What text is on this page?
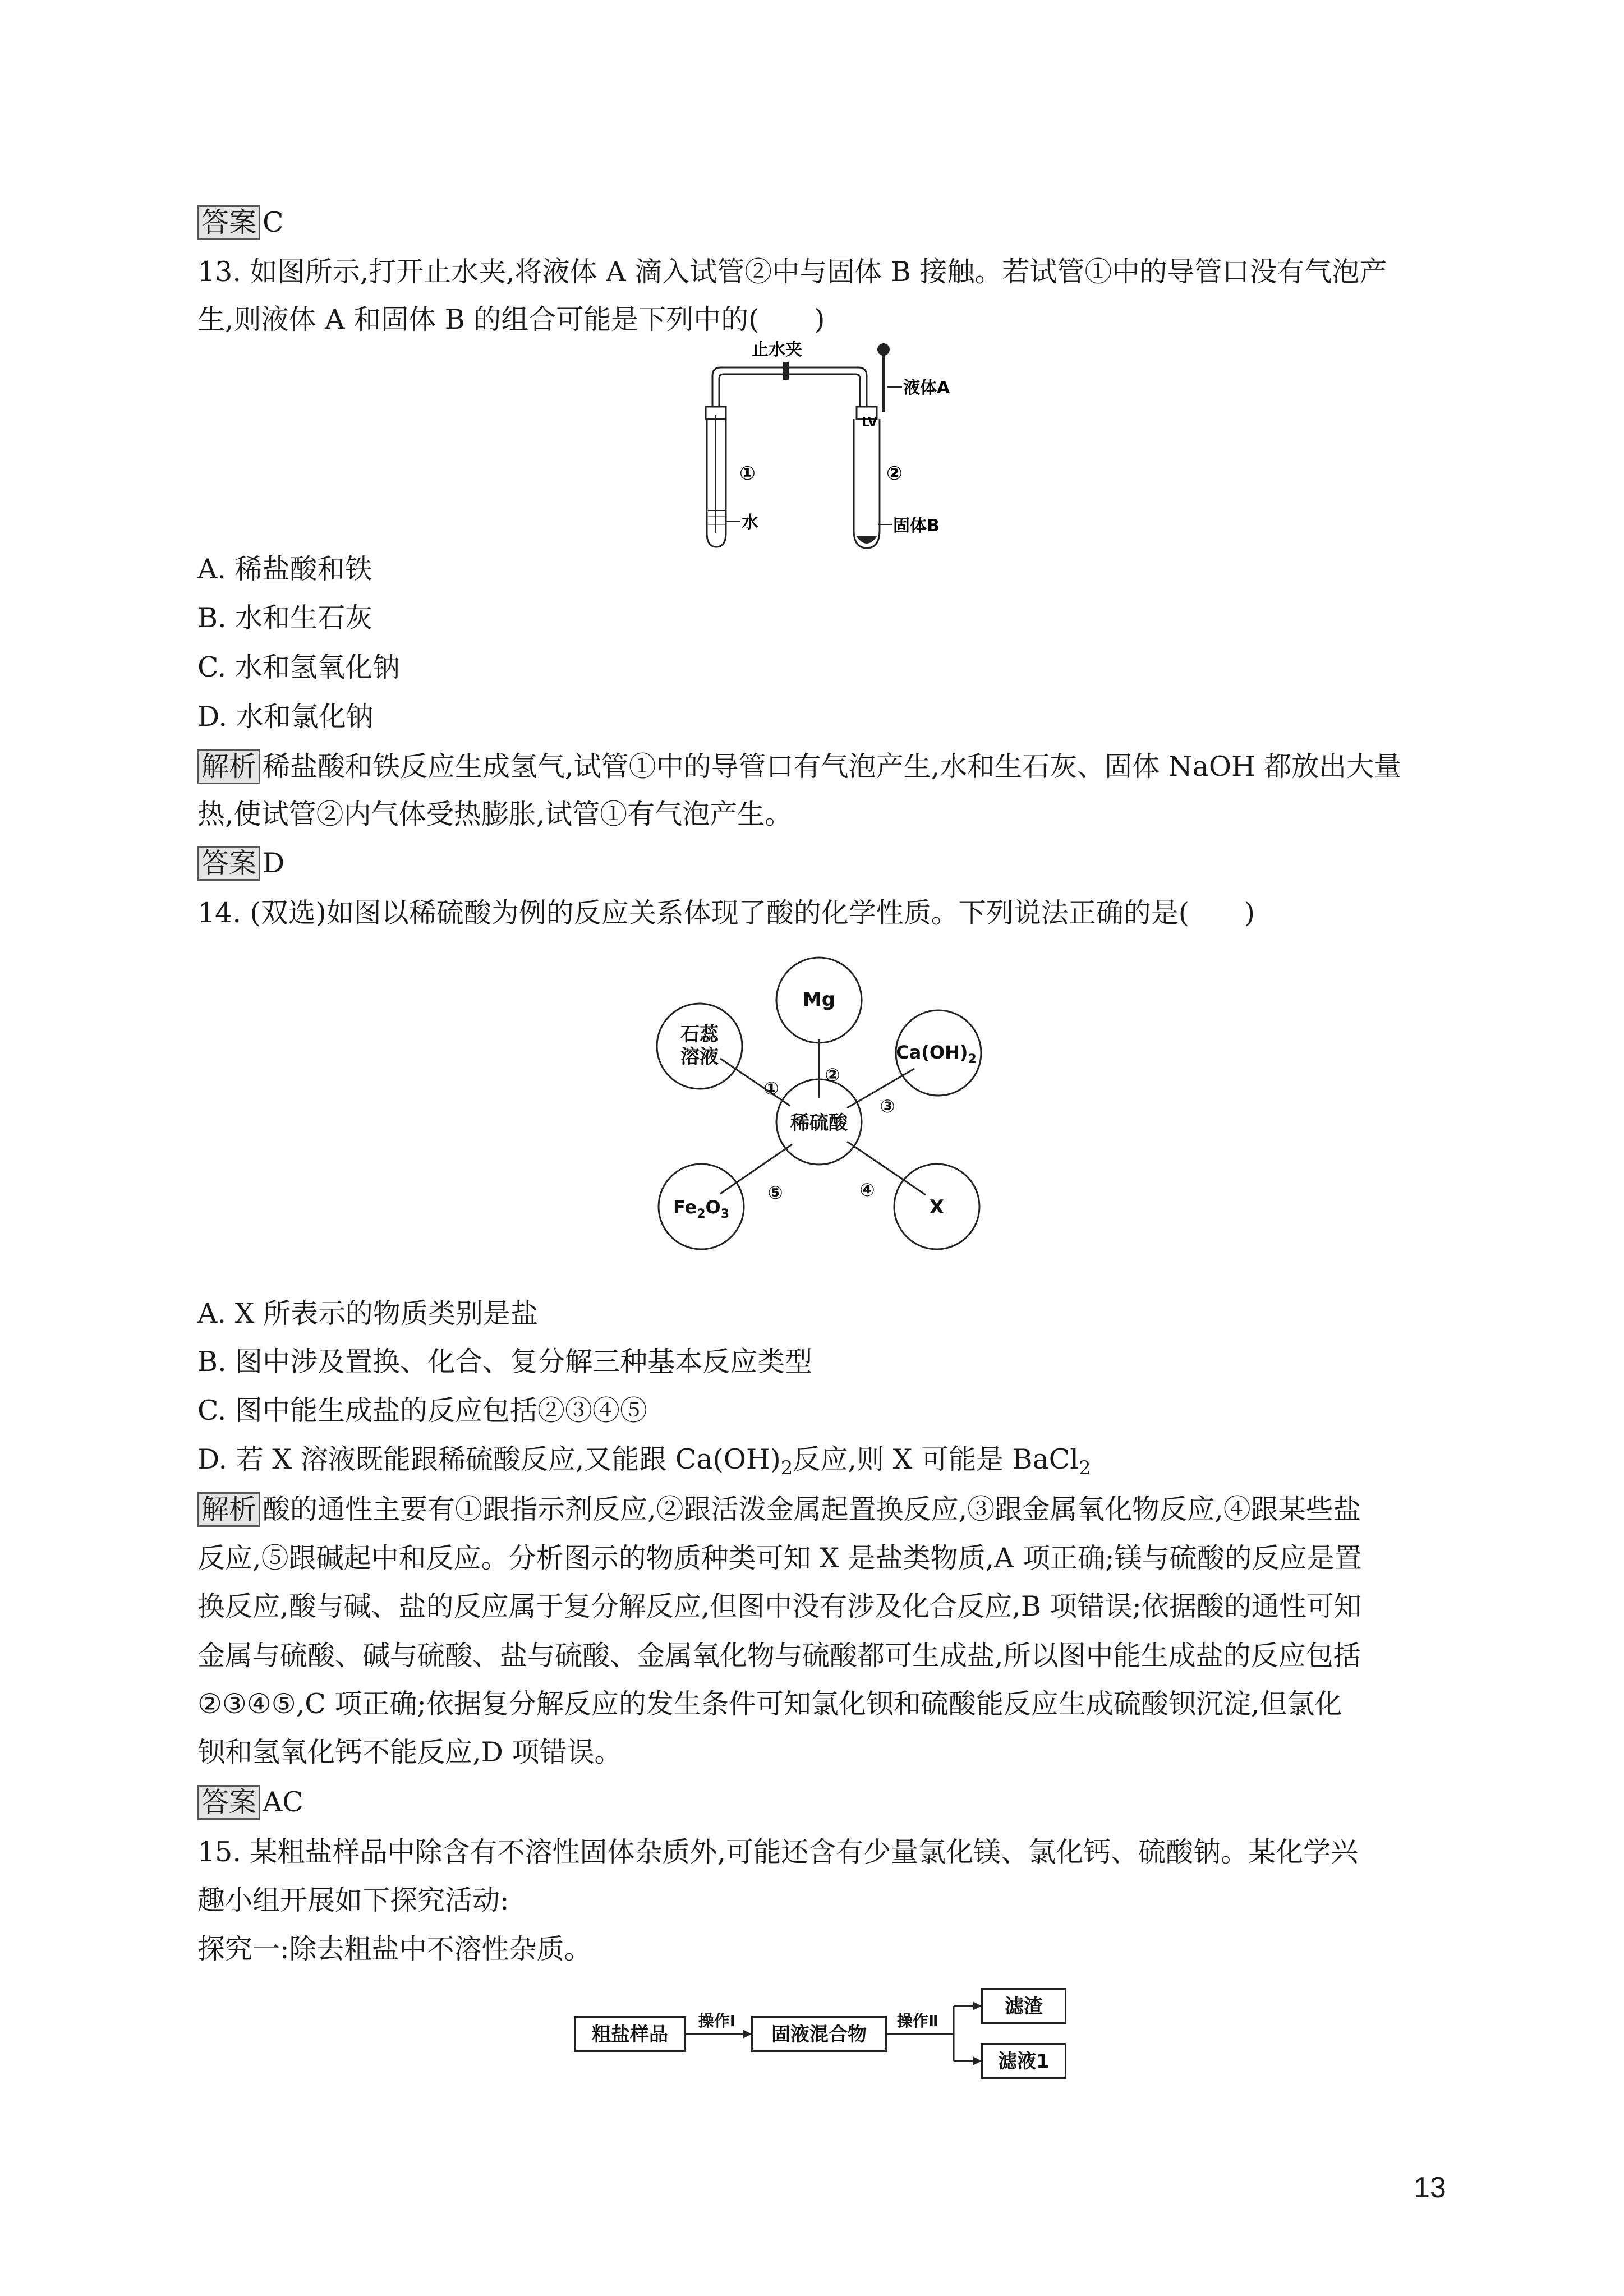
答案 C
13. 如图所示,打开止水夹,将液体 A 滴入试管②中与固体 B 接触。若试管①中的导管口没有气泡产
生,则液体 A 和固体 B 的组合可能是下列中的(　　)
止水夹
①
水
液体A
LV
②
固体B
A. 稀盐酸和铁
B. 水和生石灰
C. 水和氢氧化钠
D. 水和氯化钠
解析 稀盐酸和铁反应生成氢气,试管①中的导管口有气泡产生,水和生石灰、固体 NaOH 都放出大量
热,使试管②内气体受热膨胀,试管①有气泡产生。
答案 D
14. (双选)如图以稀硫酸为例的反应关系体现了酸的化学性质。下列说法正确的是(　　)
Mg
石蕊
溶液	$Ca(OH)_2$
稀硫酸
$Fe_2O_3$	X
①
②
③
④
⑤
A. X 所表示的物质类别是盐
B. 图中涉及置换、化合、复分解三种基本反应类型
C. 图中能生成盐的反应包括②③④⑤
D. 若 X 溶液既能跟稀硫酸反应,又能跟 $Ca(OH)_2$反应,则 X 可能是 BaCl$_2$
解析 酸的通性主要有①跟指示剂反应,②跟活泼金属起置换反应,③跟金属氧化物反应,④跟某些盐
反应,⑤跟碱起中和反应。分析图示的物质种类可知 X 是盐类物质,A 项正确;镁与硫酸的反应是置
换反应,酸与碱、盐的反应属于复分解反应,但图中没有涉及化合反应,B 项错误;依据酸的通性可知
金属与硫酸、碱与硫酸、盐与硫酸、金属氧化物与硫酸都可生成盐,所以图中能生成盐的反应包括
②③④⑤,C 项正确;依据复分解反应的发生条件可知氯化钡和硫酸能反应生成硫酸钡沉淀,但氯化
钡和氢氧化钙不能反应,D 项错误。
答案 AC
15. 某粗盐样品中除含有不溶性固体杂质外,可能还含有少量氯化镁、氯化钙、硫酸钠。某化学兴
趣小组开展如下探究活动:
探究一:除去粗盐中不溶性杂质。
粗盐样品	固液混合物
滤渣
滤液1
操作Ⅰ	操作Ⅱ
13
